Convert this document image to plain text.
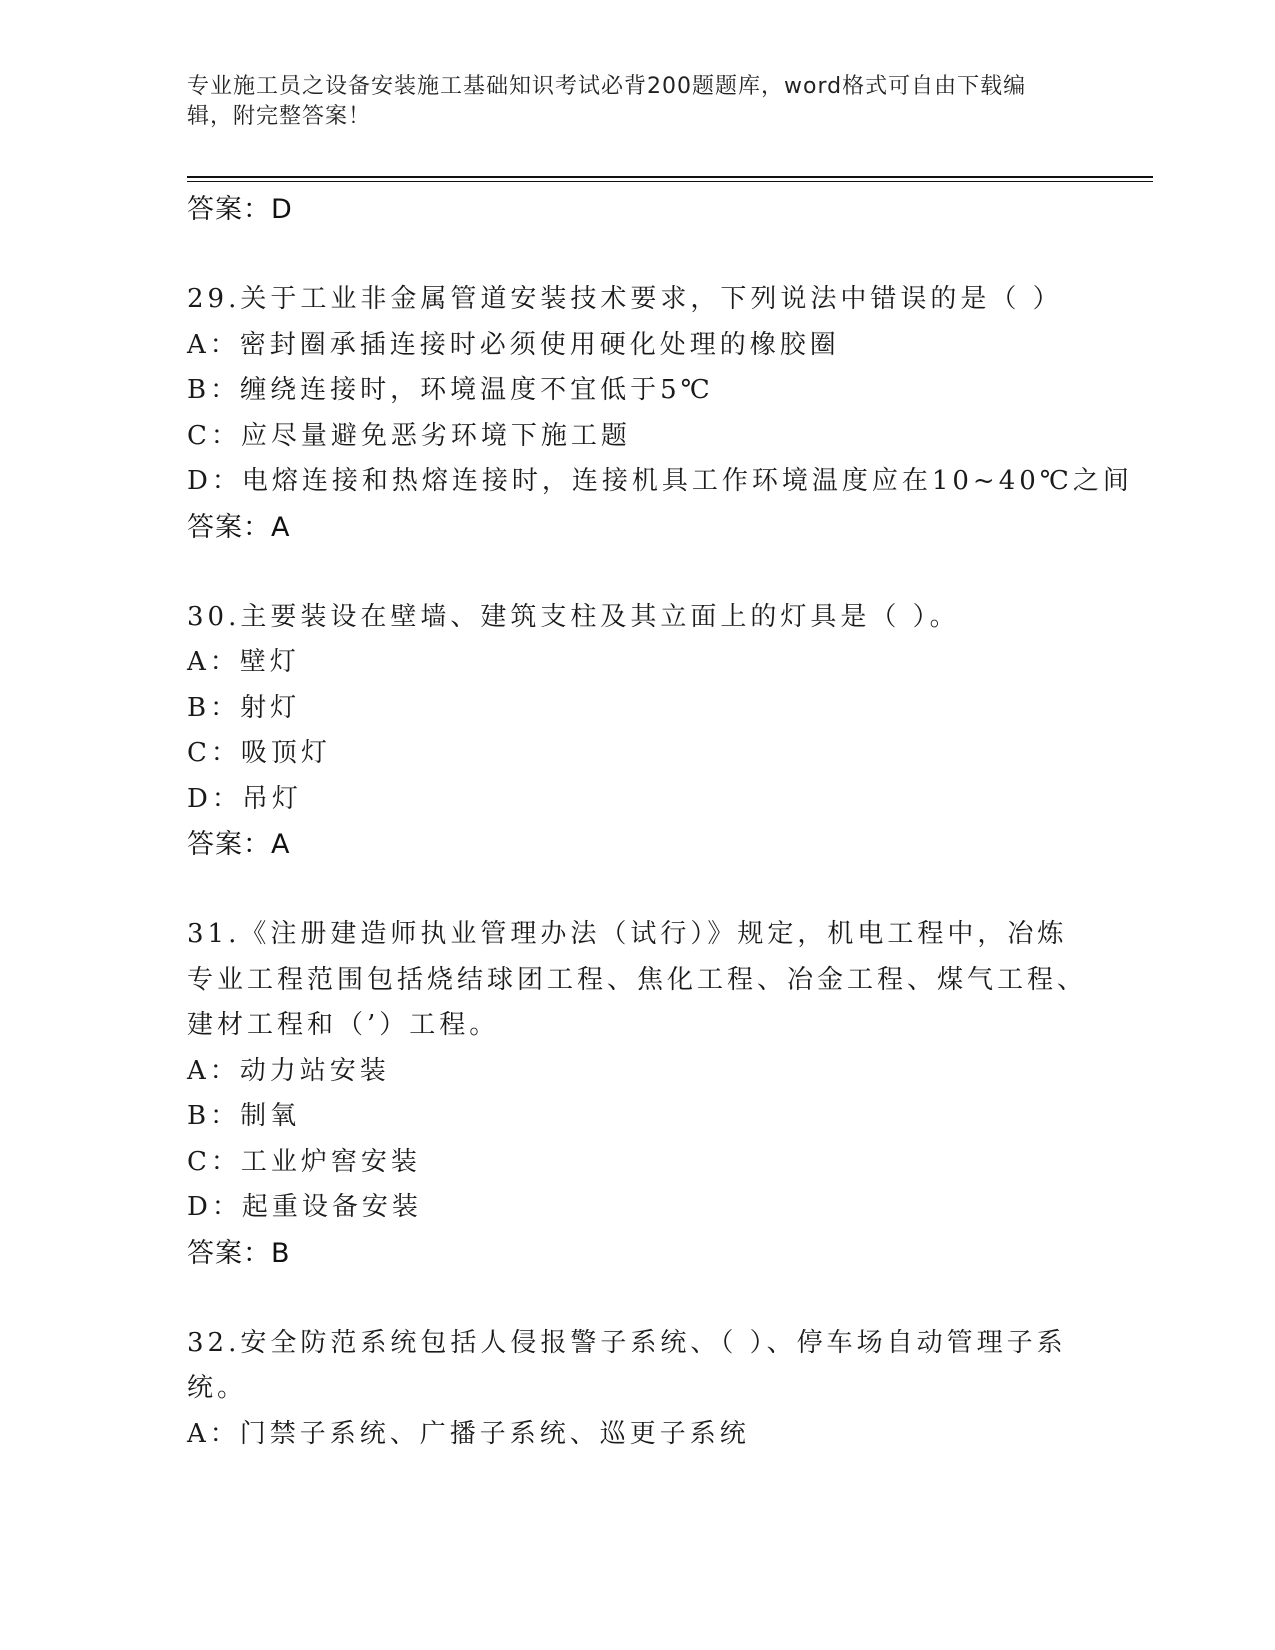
专业施工员之设备安装施工基础知识考试必背200题题库，word格式可自由下载编辑，附完整答案！

答案：D

29.关于工业非金属管道安装技术要求，下列说法中错误的是（ ）

A：密封圈承插连接时必须使用硬化处理的橡胶圈

B：缠绕连接时，环境温度不宜低于5℃

C：应尽量避免恶劣环境下施工题

D：电熔连接和热熔连接时，连接机具工作环境温度应在10~40℃之间

答案：A

30.主要装设在壁墙、建筑支柱及其立面上的灯具是（ ）。

A：壁灯

B：射灯

C：吸顶灯

D：吊灯

答案：A

31.《注册建造师执业管理办法（试行）》规定，机电工程中，冶炼专业工程范围包括烧结球团工程、焦化工程、冶金工程、煤气工程、建材工程和（’）工程。

A：动力站安装

B：制氧

C：工业炉窖安装

D：起重设备安装

答案：B

32.安全防范系统包括人侵报警子系统、（ ）、停车场自动管理子系统。

A：门禁子系统、广播子系统、巡更子系统
